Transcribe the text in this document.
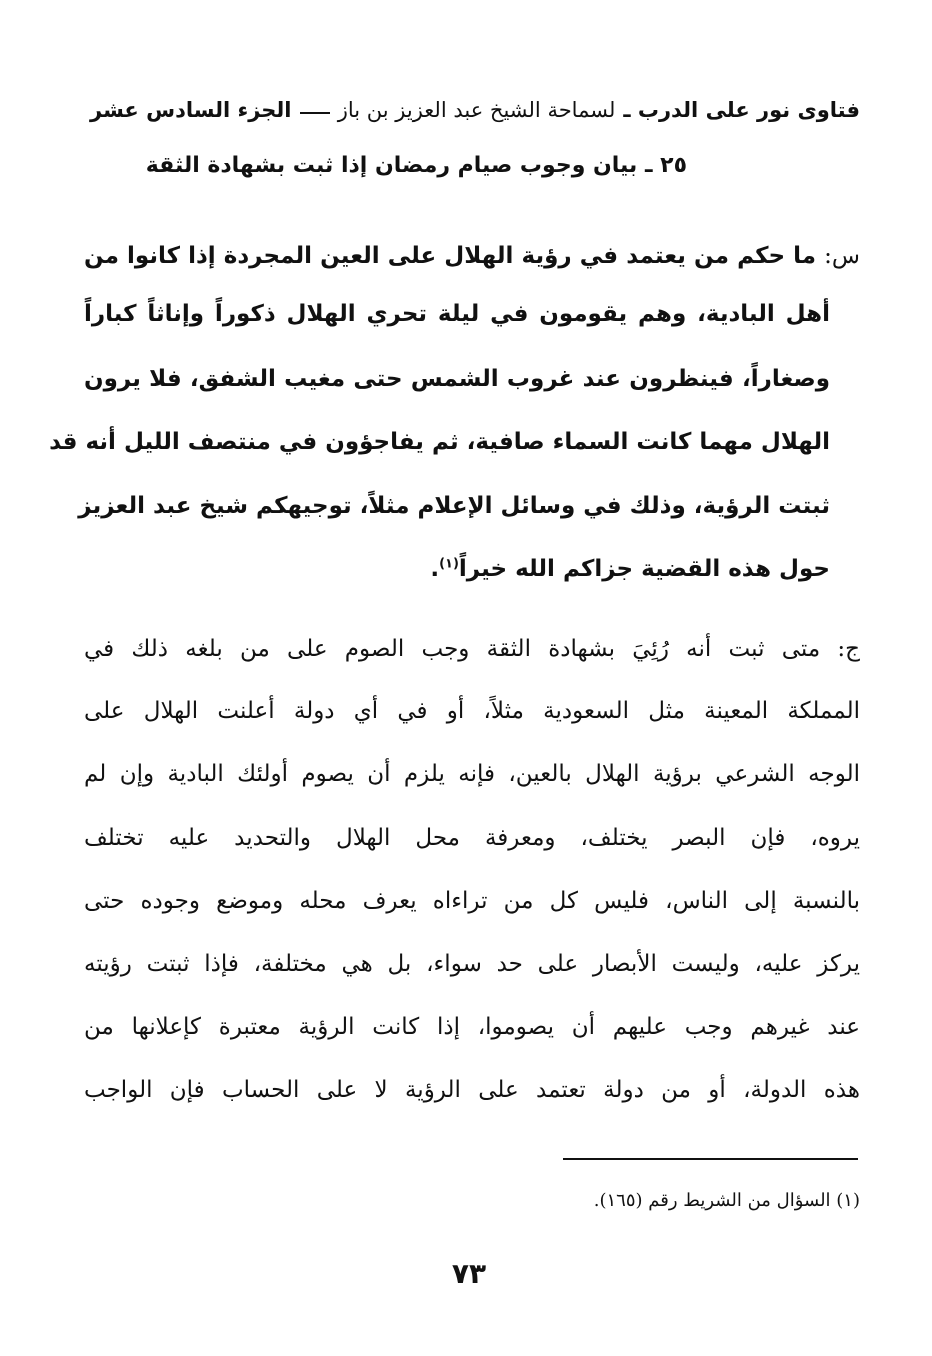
فتاوى نور على الدرب ـ
لسماحة الشيخ عبد العزيز بن باز
الجزء السادس عشر
٢٥ ـ بيان وجوب صيام رمضان إذا ثبت بشهادة الثقة
س: ما حكم من يعتمد في رؤية الهلال على العين المجردة إذا كانوا من
أهل البادية، وهم يقومون في ليلة تحري الهلال ذكوراً وإناثاً كباراً
وصغاراً، فينظرون عند غروب الشمس حتى مغيب الشفق، فلا يرون
الهلال مهما كانت السماء صافية، ثم يفاجؤون في منتصف الليل أنه قد
ثبتت الرؤية، وذلك في وسائل الإعلام مثلاً، توجيهكم شيخ عبد العزيز
حول هذه القضية جزاكم الله خيراً$^{(١)}$.
ج: متى ثبت أنه رُئِيَ بشهادة الثقة وجب الصوم على من بلغه ذلك في
المملكة المعينة مثل السعودية مثلاً، أو في أي دولة أعلنت الهلال على
الوجه الشرعي برؤية الهلال بالعين، فإنه يلزم أن يصوم أولئك البادية وإن لم
يروه، فإن البصر يختلف، ومعرفة محل الهلال والتحديد عليه تختلف
بالنسبة إلى الناس، فليس كل من تراءاه يعرف محله وموضع وجوده حتى
يركز عليه، وليست الأبصار على حد سواء، بل هي مختلفة، فإذا ثبتت رؤيته
عند غيرهم وجب عليهم أن يصوموا، إذا كانت الرؤية معتبرة كإعلانها من
هذه الدولة، أو من دولة تعتمد على الرؤية لا على الحساب فإن الواجب
(١) السؤال من الشريط رقم (١٦٥).
٧٣
